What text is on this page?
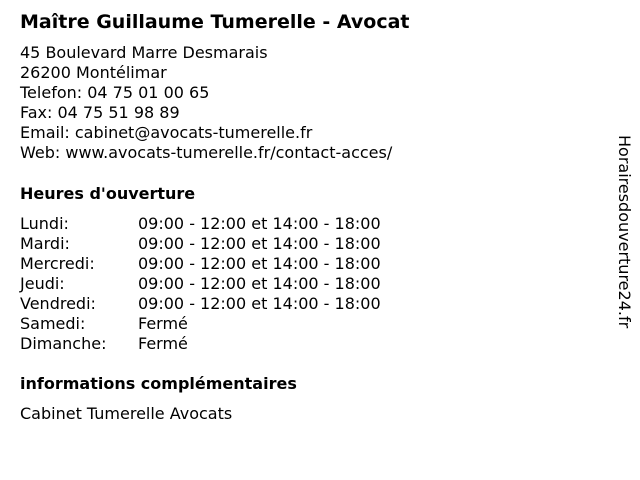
Maître Guillaume Tumerelle - Avocat
45 Boulevard Marre Desmarais
26200 Montélimar
Telefon: 04 75 01 00 65
Fax: 04 75 51 98 89
Email: cabinet@avocats-tumerelle.fr
Web: www.avocats-tumerelle.fr/contact-acces/
Heures d'ouverture
Lundi:	09:00 - 12:00 et 14:00 - 18:00
Mardi:	09:00 - 12:00 et 14:00 - 18:00
Mercredi:	09:00 - 12:00 et 14:00 - 18:00
Jeudi:	09:00 - 12:00 et 14:00 - 18:00
Vendredi:	09:00 - 12:00 et 14:00 - 18:00
Samedi:	Fermé
Dimanche:	Fermé
informations complémentaires
Cabinet Tumerelle Avocats
Horairesdouverture24.fr
